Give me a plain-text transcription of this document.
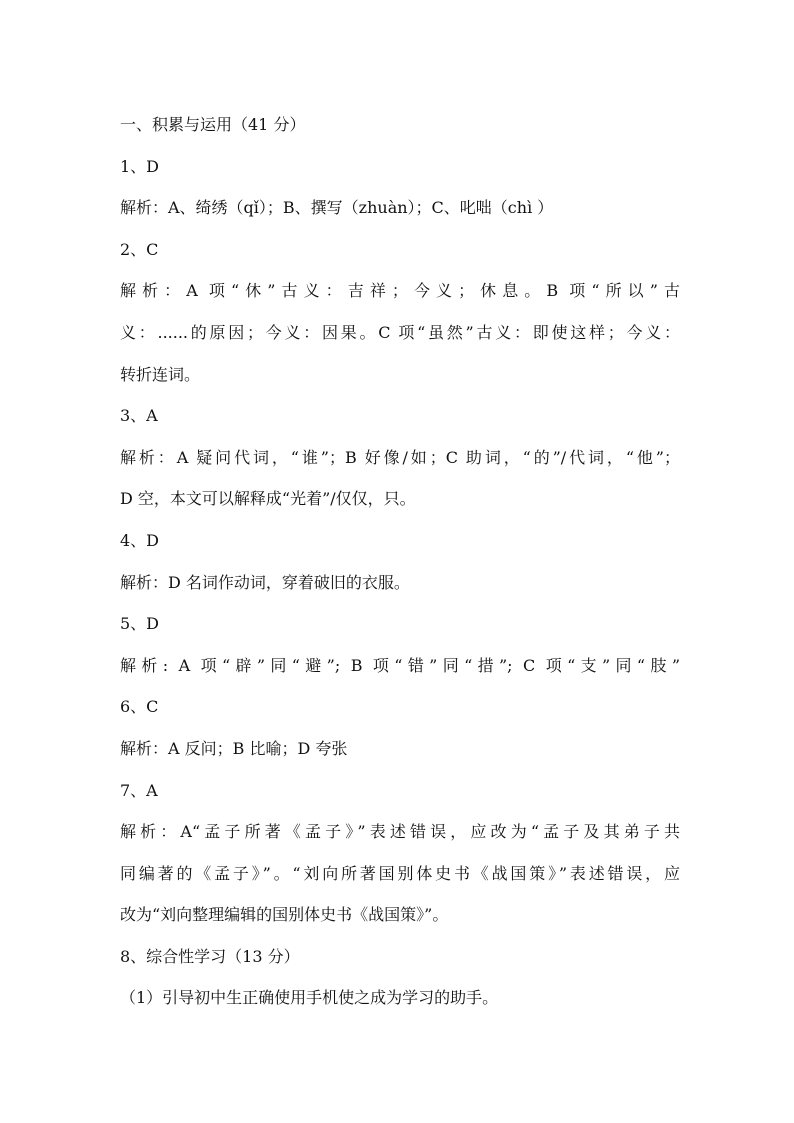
一、积累与运用（41 分）
1、D
解析：A、绮绣（qǐ）；B、撰写（zhuàn）；C、叱咄（chì ）
2、C
解析：A 项“休”古义：吉祥；今义；休息。B 项“所以”古
义：......的原因；今义：因果。C 项“虽然”古义：即使这样；今义：
转折连词。
3、A
解析：A 疑问代词，“谁”；B 好像/如；C 助词，“的”/代词，“他”；
D 空，本文可以解释成“光着”/仅仅，只。
4、D
解析：D 名词作动词，穿着破旧的衣服。
5、D
解析: A 项“辟”同“避”; B 项“错”同“措”; C 项“支”同“肢”
6、C
解析：A 反问；B 比喻；D 夸张
7、A
解析：A“孟子所著《孟子》”表述错误，应改为“孟子及其弟子共
同编著的《孟子》”。“刘向所著国别体史书《战国策》”表述错误，应
改为“刘向整理编辑的国别体史书《战国策》”。
8、综合性学习（13 分）
（1）引导初中生正确使用手机使之成为学习的助手。
